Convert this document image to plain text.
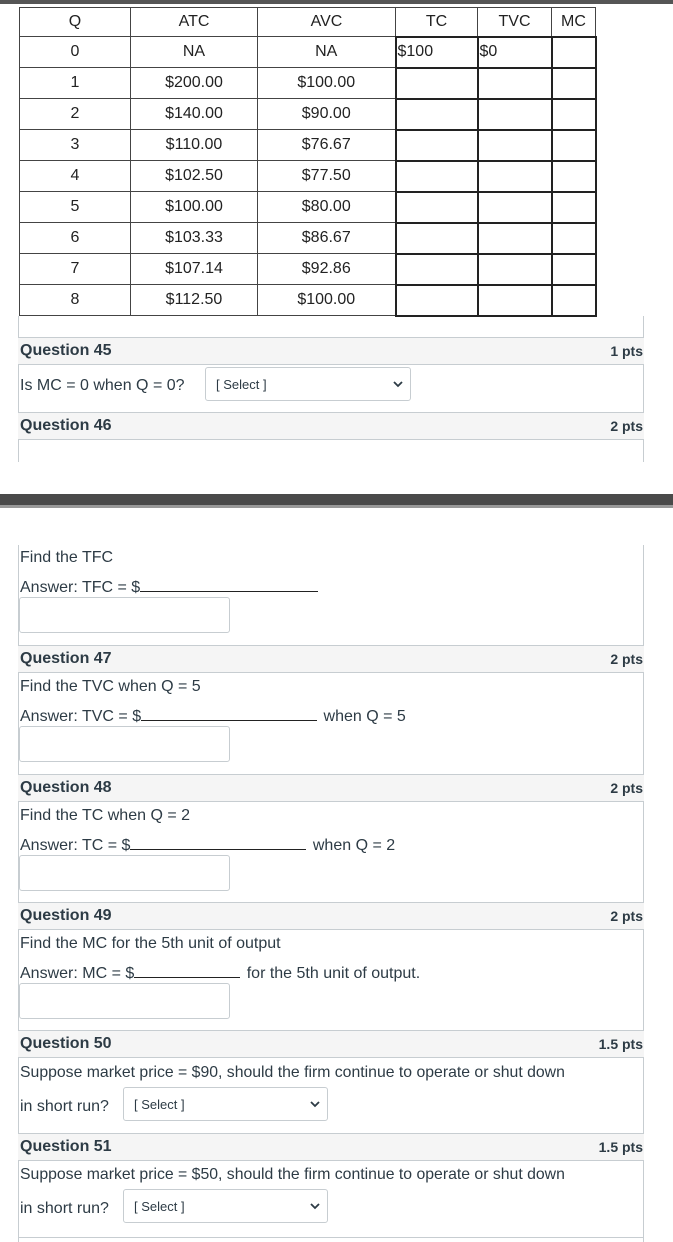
Q	ATC	AVC	TC	TVC	MC
0	NA	NA	$100	$0	
1	$200.00	$100.00			
2	$140.00	$90.00			
3	$110.00	$76.67			
4	$102.50	$77.50			
5	$100.00	$80.00			
6	$103.33	$86.67			
7	$107.14	$92.86			
8	$112.50	$100.00			
Question 45	1 pts
Is MC = 0 when Q = 0? [ Select ]
Question 46	2 pts
Find the TFC
Answer: TFC = $
Question 47	2 pts
Find the TVC when Q = 5
Answer: TVC = $	when Q = 5
Question 48	2 pts
Find the TC when Q = 2
Answer: TC = $	when Q = 2
Question 49	2 pts
Find the MC for the 5th unit of output
Answer: MC = $	for the 5th unit of output.
Question 50	1.5 pts
Suppose market price = $90, should the firm continue to operate or shut down
in short run? [ Select ]
Question 51	1.5 pts
Suppose market price = $50, should the firm continue to operate or shut down
in short run? [ Select ]
